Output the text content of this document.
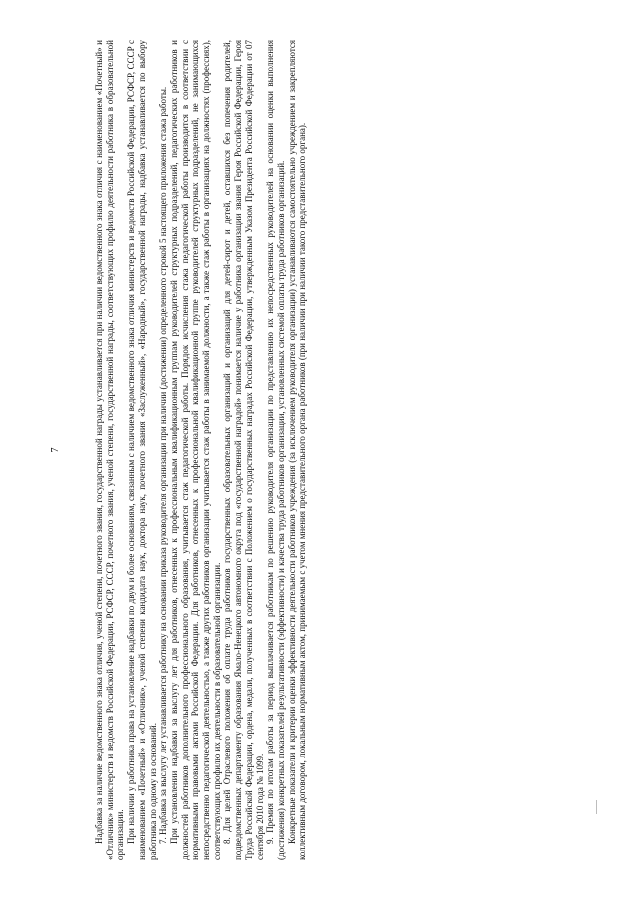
7	Надбавка за наличие ведомственного знака отличия, ученой степени, почетного звания, государственной награды устанавливается при наличии ведомственного знака отличия с наименованием «Почетный» и «Отличник» министерств и ведомств Российской Федерации, РСФСР, СССР, почетного звания, ученой степени, государственной награды, соответствующих профилю деятельности работника в образовательной организации. При наличии у работника права на установление надбавки по двум и более основаниям, связанным с наличием ведомственного знака отличия министерств и ведомств Российской Федерации, РСФСР, СССР с наименованием «Почетный» и «Отличник», ученой степени кандидата наук, доктора наук, почетного звания «Заслуженный», «Народный», государственной награды, надбавка устанавливается по выбору работника по одному из оснований. 7. Надбавка за выслугу лет устанавливается работнику на основании приказа руководителя организации при наличии (достижении) определенного строкой 5 настоящего приложения стажа работы. При установлении надбавки за выслугу лет для работников, отнесенных к профессиональным квалификационным группам руководителей структурных подразделений, педагогических работников и должностей работников дополнительного профессионального образования, учитывается стаж педагогической работы. Порядок исчисления стажа педагогической работы производится в соответствии с нормативными правовыми актами Российской Федерации. Для работников, отнесенных к профессиональной квалификационной группе руководителей структурных подразделений, не занимающихся непосредственно педагогической деятельностью, а также других работников организации учитывается стаж работы в занимаемой должности, а также стаж работы в организациях на должностях (профессиях), соответствующих профилю их деятельности в образовательной организации. 8. Для целей Отраслевого положения об оплате труда работников государственных образовательных организаций и организаций для детей-сирот и детей, оставшихся без попечения родителей, подведомственных департаменту образования Ямало-Ненецкого автономного округа под «государственной наградой» понимается наличие у работника организации звания Героя Российской Федерации, Героя Труда Российской Федерации, ордена, медали, полученных в соответствии с Положением о государственных наградах Российской Федерации, утвержденным Указом Президента Российской Федерации от 07 сентября 2010 года № 1099. 9. Премия по итогам работы за период выплачивается работникам по решению руководителя организации по представлению их непосредственных руководителей на основании оценки выполнения (достижения) конкретных показателей результативности (эффективности) и качества труда работников организации, установленных системой оплаты труда работников организаций. Конкретные показатели и критерии оценки эффективности деятельности работников учреждения (за исключением руководителя организации) устанавливаются самостоятельно учреждением и закрепляются коллективным договором, локальным нормативным актом, принимаемым с учетом мнения представительного органа работников (при наличии при наличии такого представительного органа).
